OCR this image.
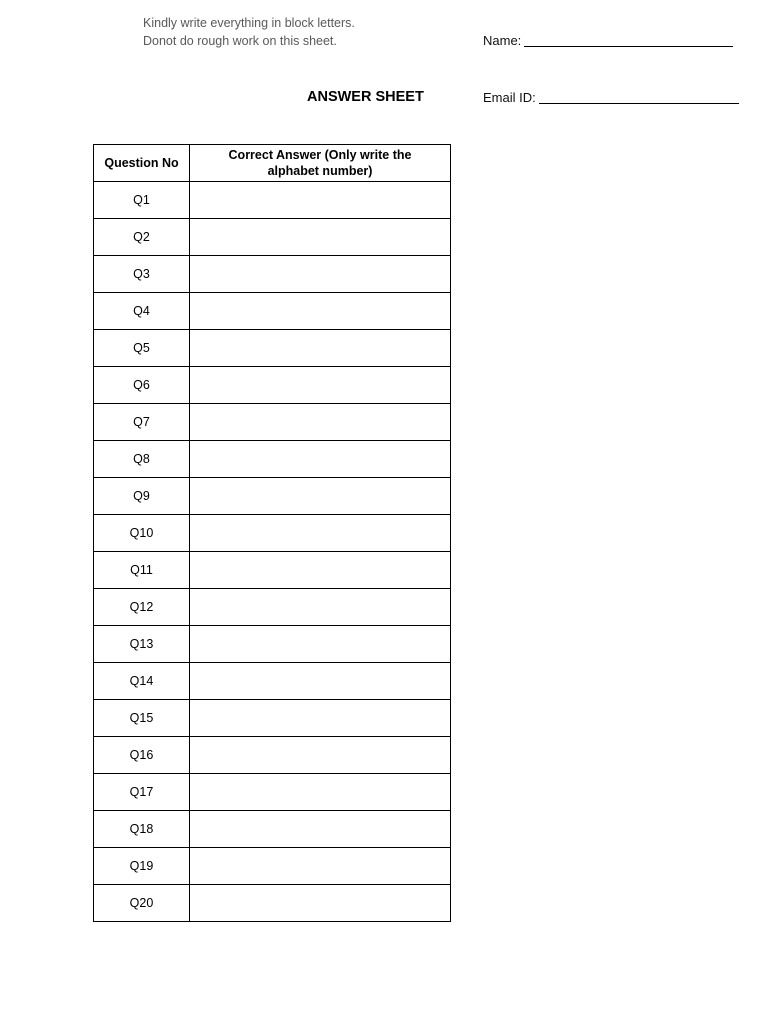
Kindly write everything in block letters.
Donot do rough work on this sheet.	Name:
ANSWER SHEET	Email ID:
Question No	Correct Answer (Only write the alphabet number)
Q1	
Q2	
Q3	
Q4	
Q5	
Q6	
Q7	
Q8	
Q9	
Q10	
Q11	
Q12	
Q13	
Q14	
Q15	
Q16	
Q17	
Q18	
Q19	
Q20	
